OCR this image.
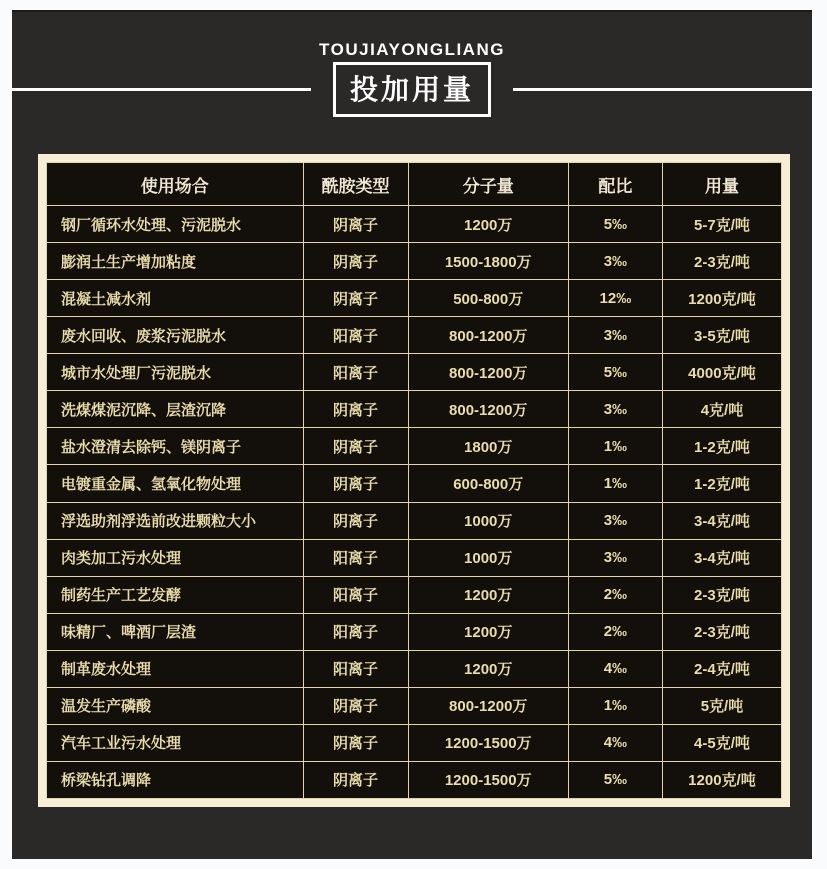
TOUJIAYONGLIANG
投加用量
使用场合	酰胺类型	分子量	配比	用量
钢厂循环水处理、污泥脱水	阴离子	1200万	5‰	5-7克/吨
膨润土生产增加粘度	阴离子	1500-1800万	3‰	2-3克/吨
混凝土减水剂	阴离子	500-800万	12‰	1200克/吨
废水回收、废浆污泥脱水	阳离子	800-1200万	3‰	3-5克/吨
城市水处理厂污泥脱水	阳离子	800-1200万	5‰	4000克/吨
洗煤煤泥沉降、层渣沉降	阴离子	800-1200万	3‰	4克/吨
盐水澄清去除钙、镁阴离子	阴离子	1800万	1‰	1-2克/吨
电镀重金属、氢氧化物处理	阴离子	600-800万	1‰	1-2克/吨
浮选助剂浮选前改进颗粒大小	阴离子	1000万	3‰	3-4克/吨
肉类加工污水处理	阳离子	1000万	3‰	3-4克/吨
制药生产工艺发酵	阳离子	1200万	2‰	2-3克/吨
味精厂、啤酒厂层渣	阳离子	1200万	2‰	2-3克/吨
制革废水处理	阳离子	1200万	4‰	2-4克/吨
温发生产磷酸	阴离子	800-1200万	1‰	5克/吨
汽车工业污水处理	阴离子	1200-1500万	4‰	4-5克/吨
桥梁钻孔调降	阴离子	1200-1500万	5‰	1200克/吨
